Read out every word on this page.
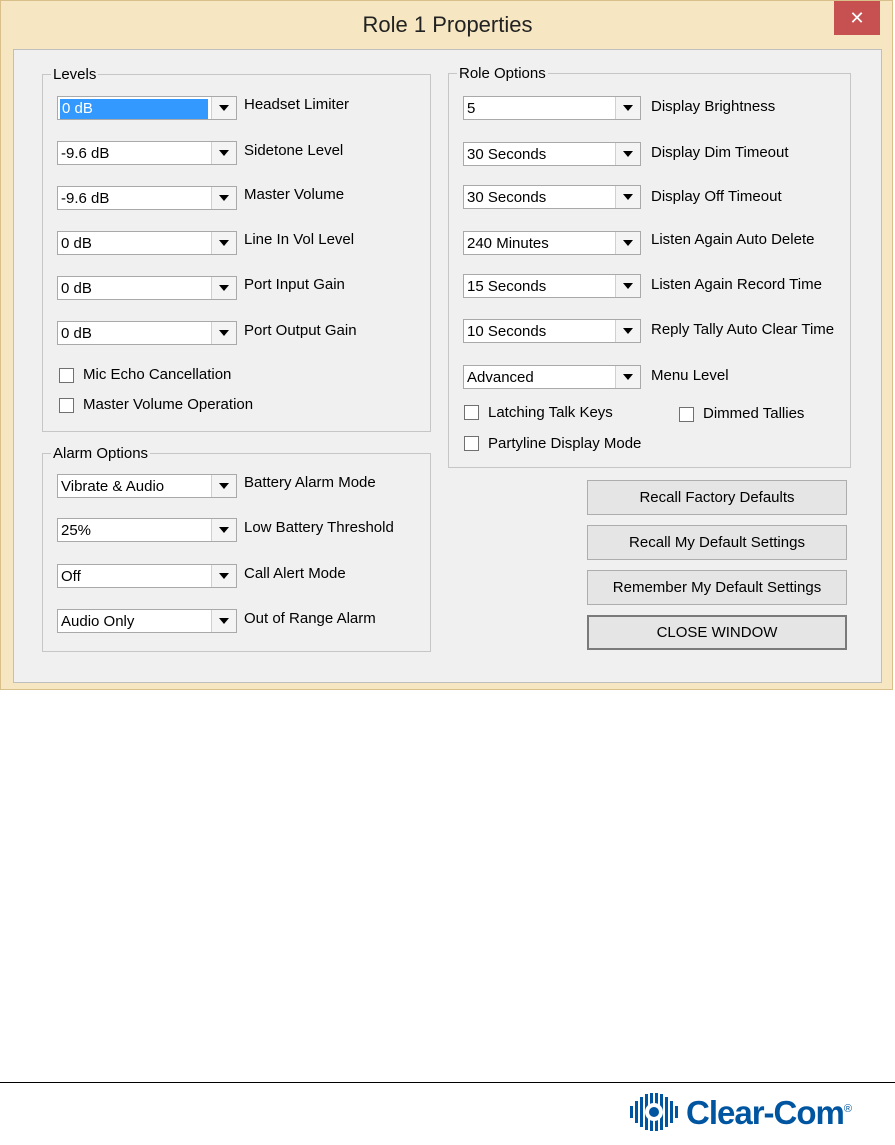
Role 1 Properties	✕
Levels
0 dB	Headset Limiter
-9.6 dB	Sidetone Level
-9.6 dB	Master Volume
0 dB	Line In Vol Level
0 dB	Port Input Gain
0 dB	Port Output Gain
Mic Echo Cancellation
Master Volume Operation
Alarm Options
Vibrate & Audio	Battery Alarm Mode
25%	Low Battery Threshold
Off	Call Alert Mode
Audio Only	Out of Range Alarm
Role Options
5	Display Brightness
30 Seconds	Display Dim Timeout
30 Seconds	Display Off Timeout
240 Minutes	Listen Again Auto Delete
15 Seconds	Listen Again Record Time
10 Seconds	Reply Tally Auto Clear Time
Advanced	Menu Level
Latching Talk Keys	Dimmed Tallies
Partyline Display Mode
Recall Factory Defaults
Recall My Default Settings
Remember My Default Settings
CLOSE WINDOW
Clear-Com®
